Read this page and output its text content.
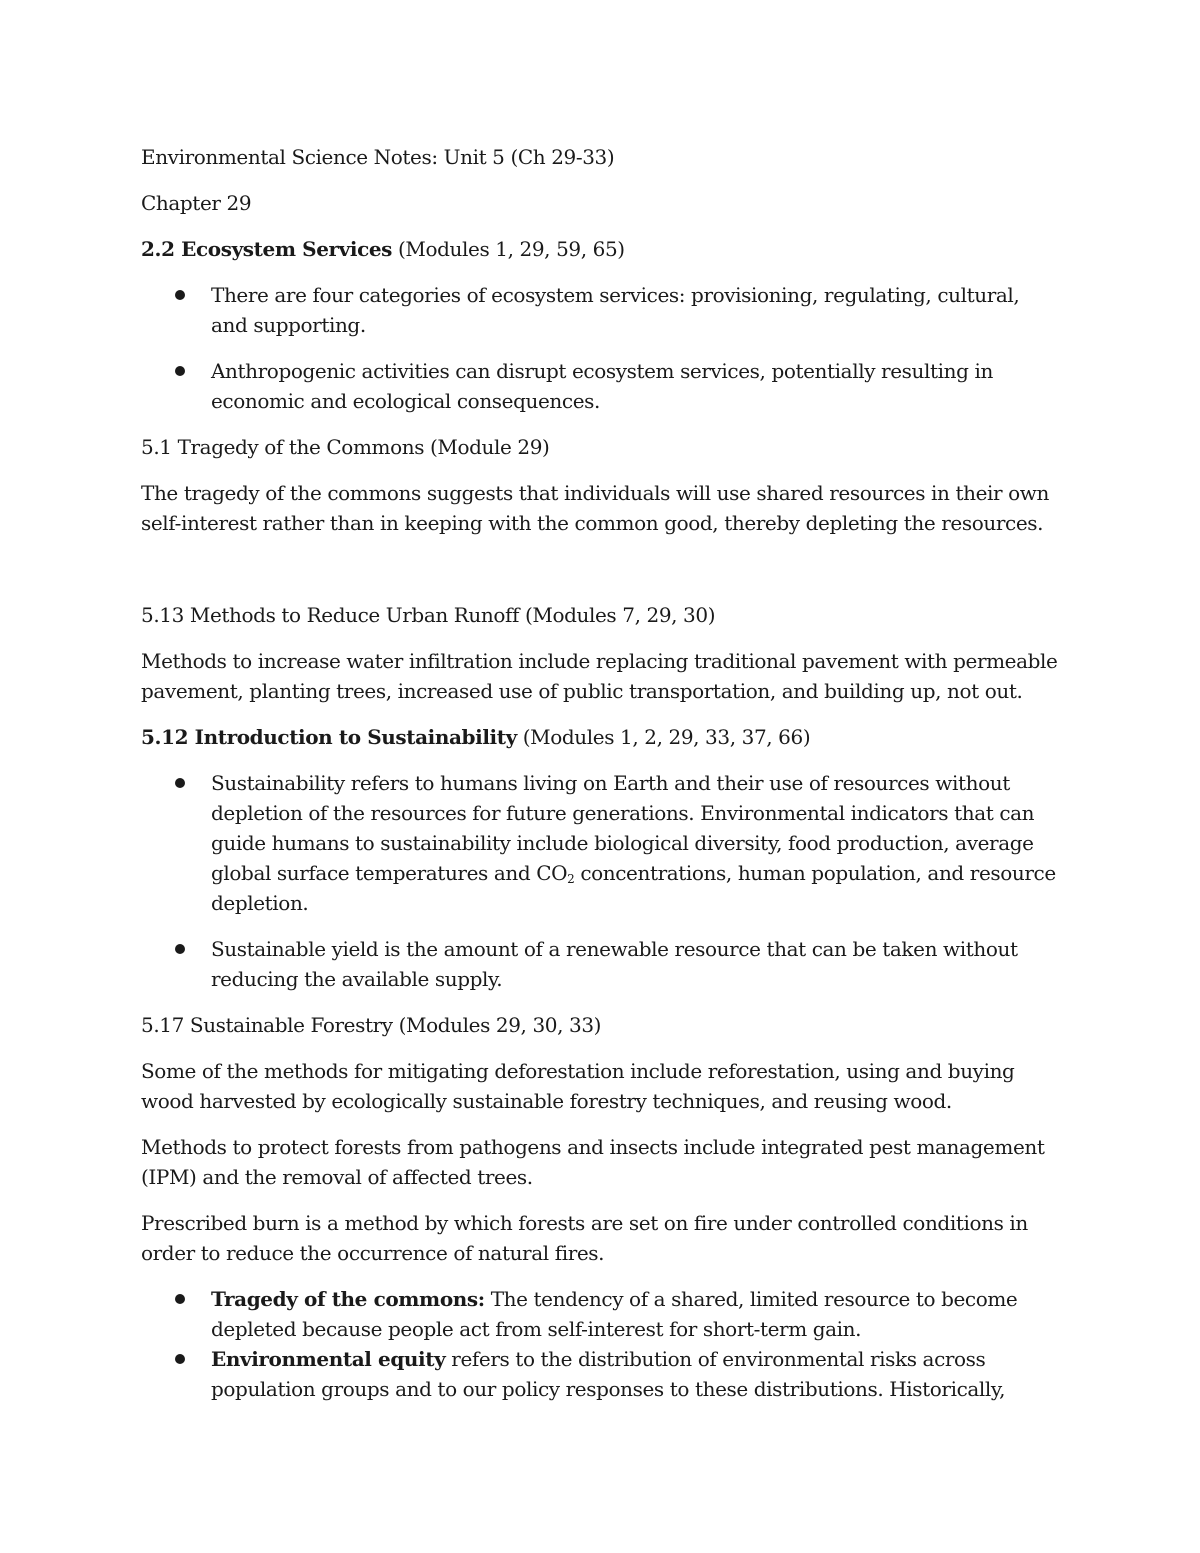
Environmental Science Notes: Unit 5 (Ch 29-33)

Chapter 29

2.2 Ecosystem Services (Modules 1, 29, 59, 65)

There are four categories of ecosystem services: provisioning, regulating, cultural, and supporting.
Anthropogenic activities can disrupt ecosystem services, potentially resulting in economic and ecological consequences.

5.1 Tragedy of the Commons (Module 29)

The tragedy of the commons suggests that individuals will use shared resources in their own self-interest rather than in keeping with the common good, thereby depleting the resources.

5.13 Methods to Reduce Urban Runoff (Modules 7, 29, 30)

Methods to increase water infiltration include replacing traditional pavement with permeable pavement, planting trees, increased use of public transportation, and building up, not out.

5.12 Introduction to Sustainability (Modules 1, 2, 29, 33, 37, 66)

Sustainability refers to humans living on Earth and their use of resources without depletion of the resources for future generations. Environmental indicators that can guide humans to sustainability include biological diversity, food production, average global surface temperatures and $CO_2$ concentrations, human population, and resource depletion.
Sustainable yield is the amount of a renewable resource that can be taken without reducing the available supply.

5.17 Sustainable Forestry (Modules 29, 30, 33)

Some of the methods for mitigating deforestation include reforestation, using and buying wood harvested by ecologically sustainable forestry techniques, and reusing wood.

Methods to protect forests from pathogens and insects include integrated pest management (IPM) and the removal of affected trees.

Prescribed burn is a method by which forests are set on fire under controlled conditions in order to reduce the occurrence of natural fires.

Tragedy of the commons: The tendency of a shared, limited resource to become depleted because people act from self-interest for short-term gain.
Environmental equity refers to the distribution of environmental risks across population groups and to our policy responses to these distributions. Historically,
